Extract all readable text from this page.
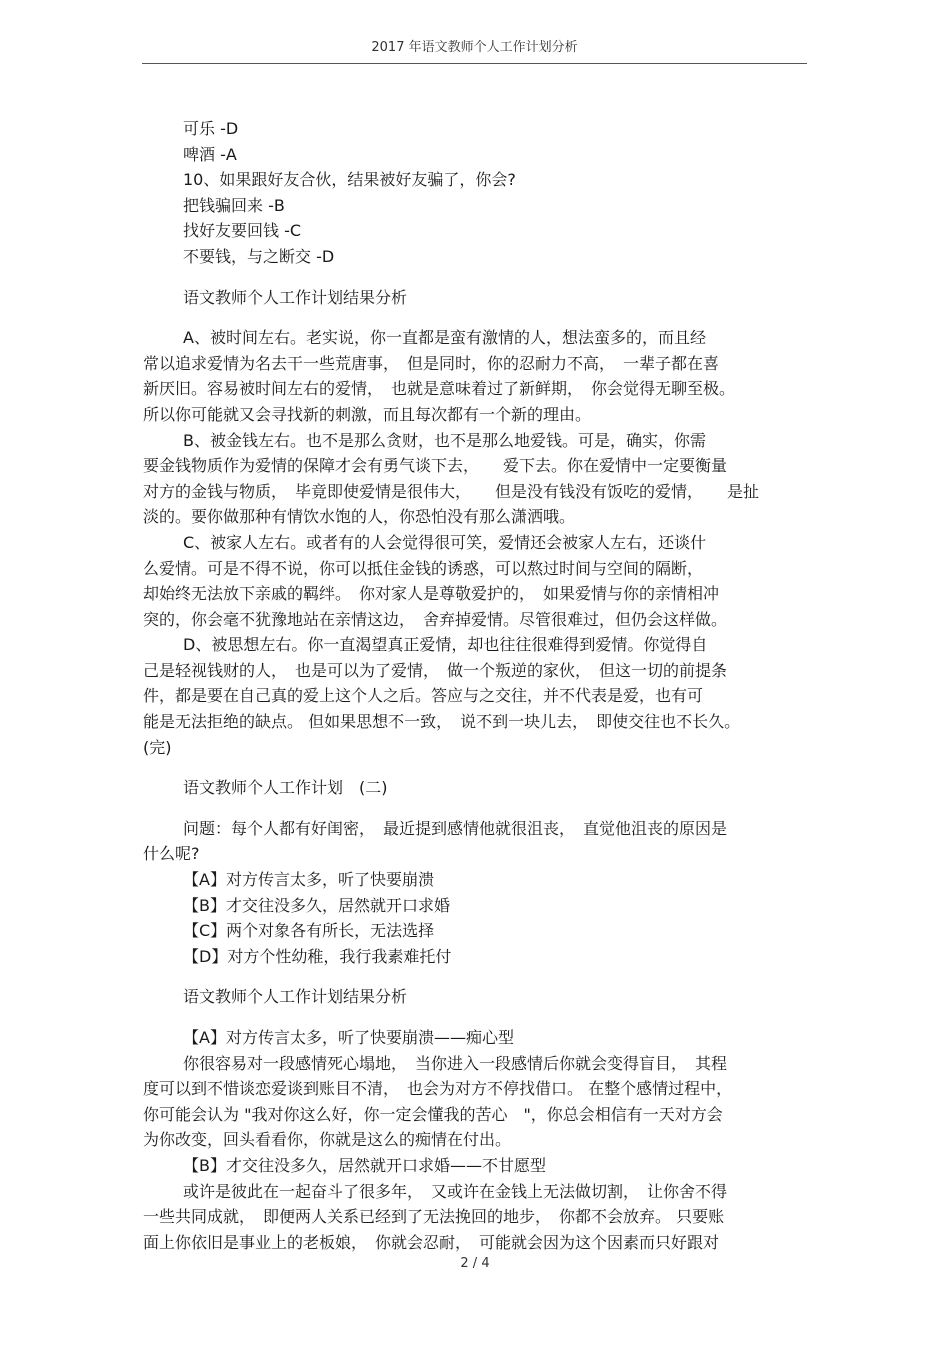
2017 年语文教师个人工作计划分析

可乐 -D

啤酒 -A

10、如果跟好友合伙，结果被好友骗了，你会?

把钱骗回来 -B

找好友要回钱 -C

不要钱，与之断交 -D

语文教师个人工作计划结果分析

A、被时间左右。老实说，你一直都是蛮有激情的人，想法蛮多的，而且经

常以追求爱情为名去干一些荒唐事，　但是同时，你的忍耐力不高，　一辈子都在喜

新厌旧。容易被时间左右的爱情，　也就是意味着过了新鲜期，　你会觉得无聊至极。

所以你可能就又会寻找新的刺激，而且每次都有一个新的理由。

B、被金钱左右。也不是那么贪财，也不是那么地爱钱。可是，确实，你需

要金钱物质作为爱情的保障才会有勇气谈下去，　　爱下去。你在爱情中一定要衡量

对方的金钱与物质，　毕竟即使爱情是很伟大，　　但是没有钱没有饭吃的爱情，　　是扯

淡的。要你做那种有情饮水饱的人，你恐怕没有那么潇洒哦。

C、被家人左右。或者有的人会觉得很可笑，爱情还会被家人左右，还谈什

么爱情。可是不得不说，你可以抵住金钱的诱惑，可以熬过时间与空间的隔断，

却始终无法放下亲戚的羁绊。　你对家人是尊敬爱护的，　如果爱情与你的亲情相冲

突的，你会毫不犹豫地站在亲情这边，　舍弃掉爱情。尽管很难过，但仍会这样做。

D、被思想左右。你一直渴望真正爱情，却也往往很难得到爱情。你觉得自

己是轻视钱财的人，　也是可以为了爱情，　做一个叛逆的家伙，　但这一切的前提条

件，都是要在自己真的爱上这个人之后。答应与之交往，并不代表是爱，也有可

能是无法拒绝的缺点。 但如果思想不一致，　说不到一块儿去，　即使交往也不长久。

(完)

语文教师个人工作计划　(二)

问题：每个人都有好闺密，　最近提到感情他就很沮丧，　直觉他沮丧的原因是

什么呢?

【A】对方传言太多，听了快要崩溃

【B】才交往没多久，居然就开口求婚

【C】两个对象各有所长，无法选择

【D】对方个性幼稚，我行我素难托付

语文教师个人工作计划结果分析

【A】对方传言太多，听了快要崩溃——痴心型

你很容易对一段感情死心塌地，　当你进入一段感情后你就会变得盲目，　其程

度可以到不惜谈恋爱谈到账目不清，　也会为对方不停找借口。 在整个感情过程中，

你可能会认为 "我对你这么好，你一定会懂我的苦心　"，你总会相信有一天对方会

为你改变，回头看看你，你就是这么的痴情在付出。

【B】才交往没多久，居然就开口求婚——不甘愿型

或许是彼此在一起奋斗了很多年，　又或许在金钱上无法做切割，　让你舍不得

一些共同成就，　即便两人关系已经到了无法挽回的地步，　你都不会放弃。 只要账

面上你依旧是事业上的老板娘，　你就会忍耐，　可能就会因为这个因素而只好跟对

2 / 4
